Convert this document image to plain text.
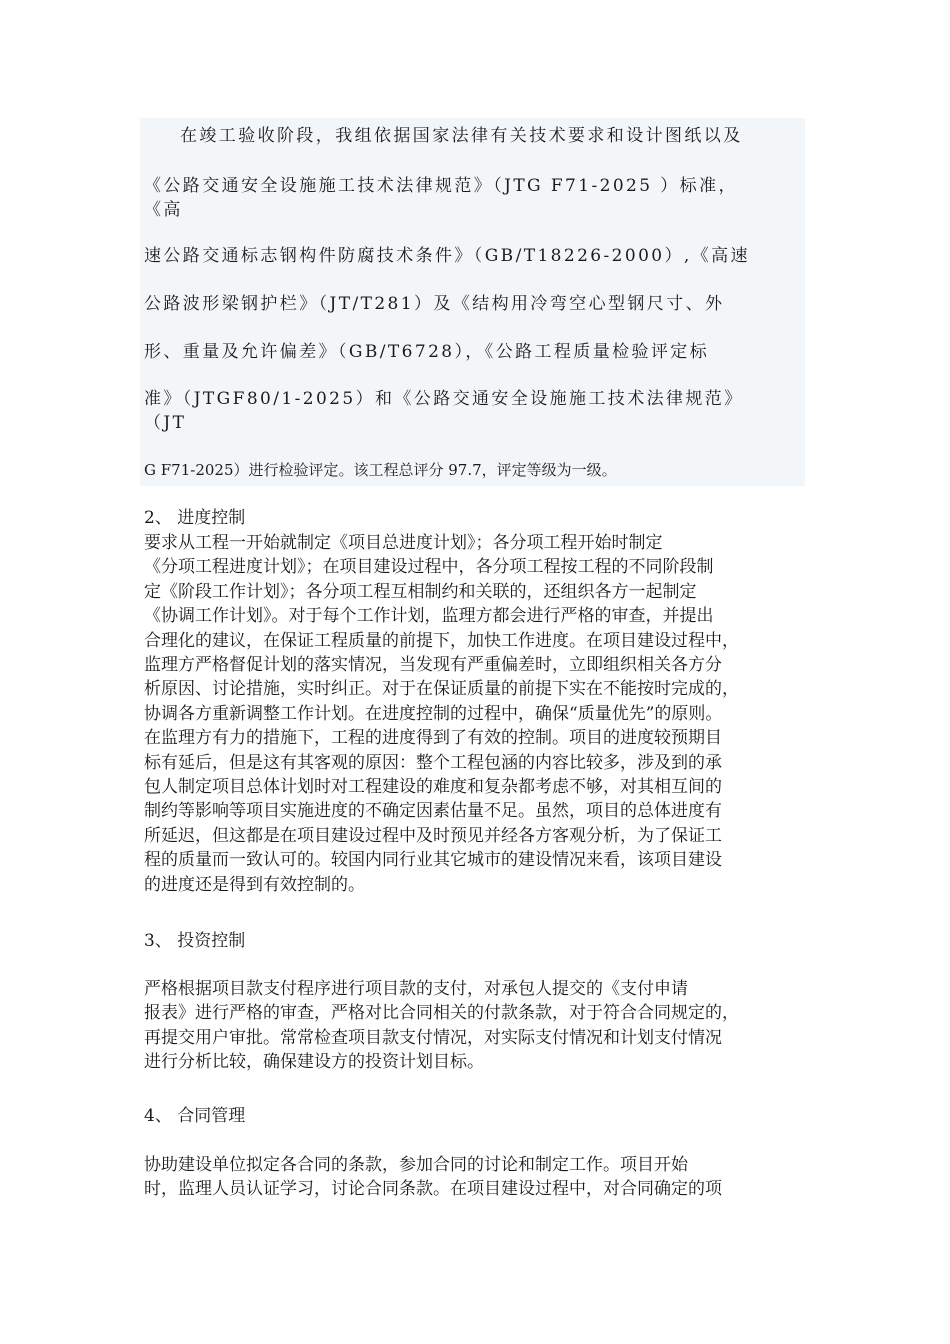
在竣工验收阶段，我组依据国家法律有关技术要求和设计图纸以及
《公路交通安全设施施工技术法律规范》（JTG F71-2025 ）标准，
《高
速公路交通标志钢构件防腐技术条件》（GB/T18226-2000）,《高速
公路波形梁钢护栏》（JT/T281）及《结构用冷弯空心型钢尺寸、外
形、重量及允许偏差》（GB/T6728），《公路工程质量检验评定标
准》（JTGF80/1-2025）和《公路交通安全设施施工技术法律规范》
（JT
G F71-2025）进行检验评定。该工程总评分 97.7，评定等级为一级。
2、 进度控制
要求从工程一开始就制定《项目总进度计划》；各分项工程开始时制定
《分项工程进度计划》；在项目建设过程中，各分项工程按工程的不同阶段制
定《阶段工作计划》；各分项工程互相制约和关联的，还组织各方一起制定
《协调工作计划》。对于每个工作计划，监理方都会进行严格的审查，并提出
合理化的建议，在保证工程质量的前提下，加快工作进度。在项目建设过程中，
监理方严格督促计划的落实情况，当发现有严重偏差时，立即组织相关各方分
析原因、讨论措施，实时纠正。对于在保证质量的前提下实在不能按时完成的，
协调各方重新调整工作计划。在进度控制的过程中，确保“质量优先”的原则。
在监理方有力的措施下，工程的进度得到了有效的控制。项目的进度较预期目
标有延后，但是这有其客观的原因：整个工程包涵的内容比较多，涉及到的承
包人制定项目总体计划时对工程建设的难度和复杂都考虑不够，对其相互间的
制约等影响等项目实施进度的不确定因素估量不足。虽然，项目的总体进度有
所延迟，但这都是在项目建设过程中及时预见并经各方客观分析，为了保证工
程的质量而一致认可的。较国内同行业其它城市的建设情况来看，该项目建设
的进度还是得到有效控制的。
3、 投资控制
严格根据项目款支付程序进行项目款的支付，对承包人提交的《支付申请
报表》进行严格的审查，严格对比合同相关的付款条款，对于符合合同规定的，
再提交用户审批。常常检查项目款支付情况，对实际支付情况和计划支付情况
进行分析比较，确保建设方的投资计划目标。
4、 合同管理
协助建设单位拟定各合同的条款，参加合同的讨论和制定工作。项目开始
时，监理人员认证学习，讨论合同条款。在项目建设过程中，对合同确定的项
